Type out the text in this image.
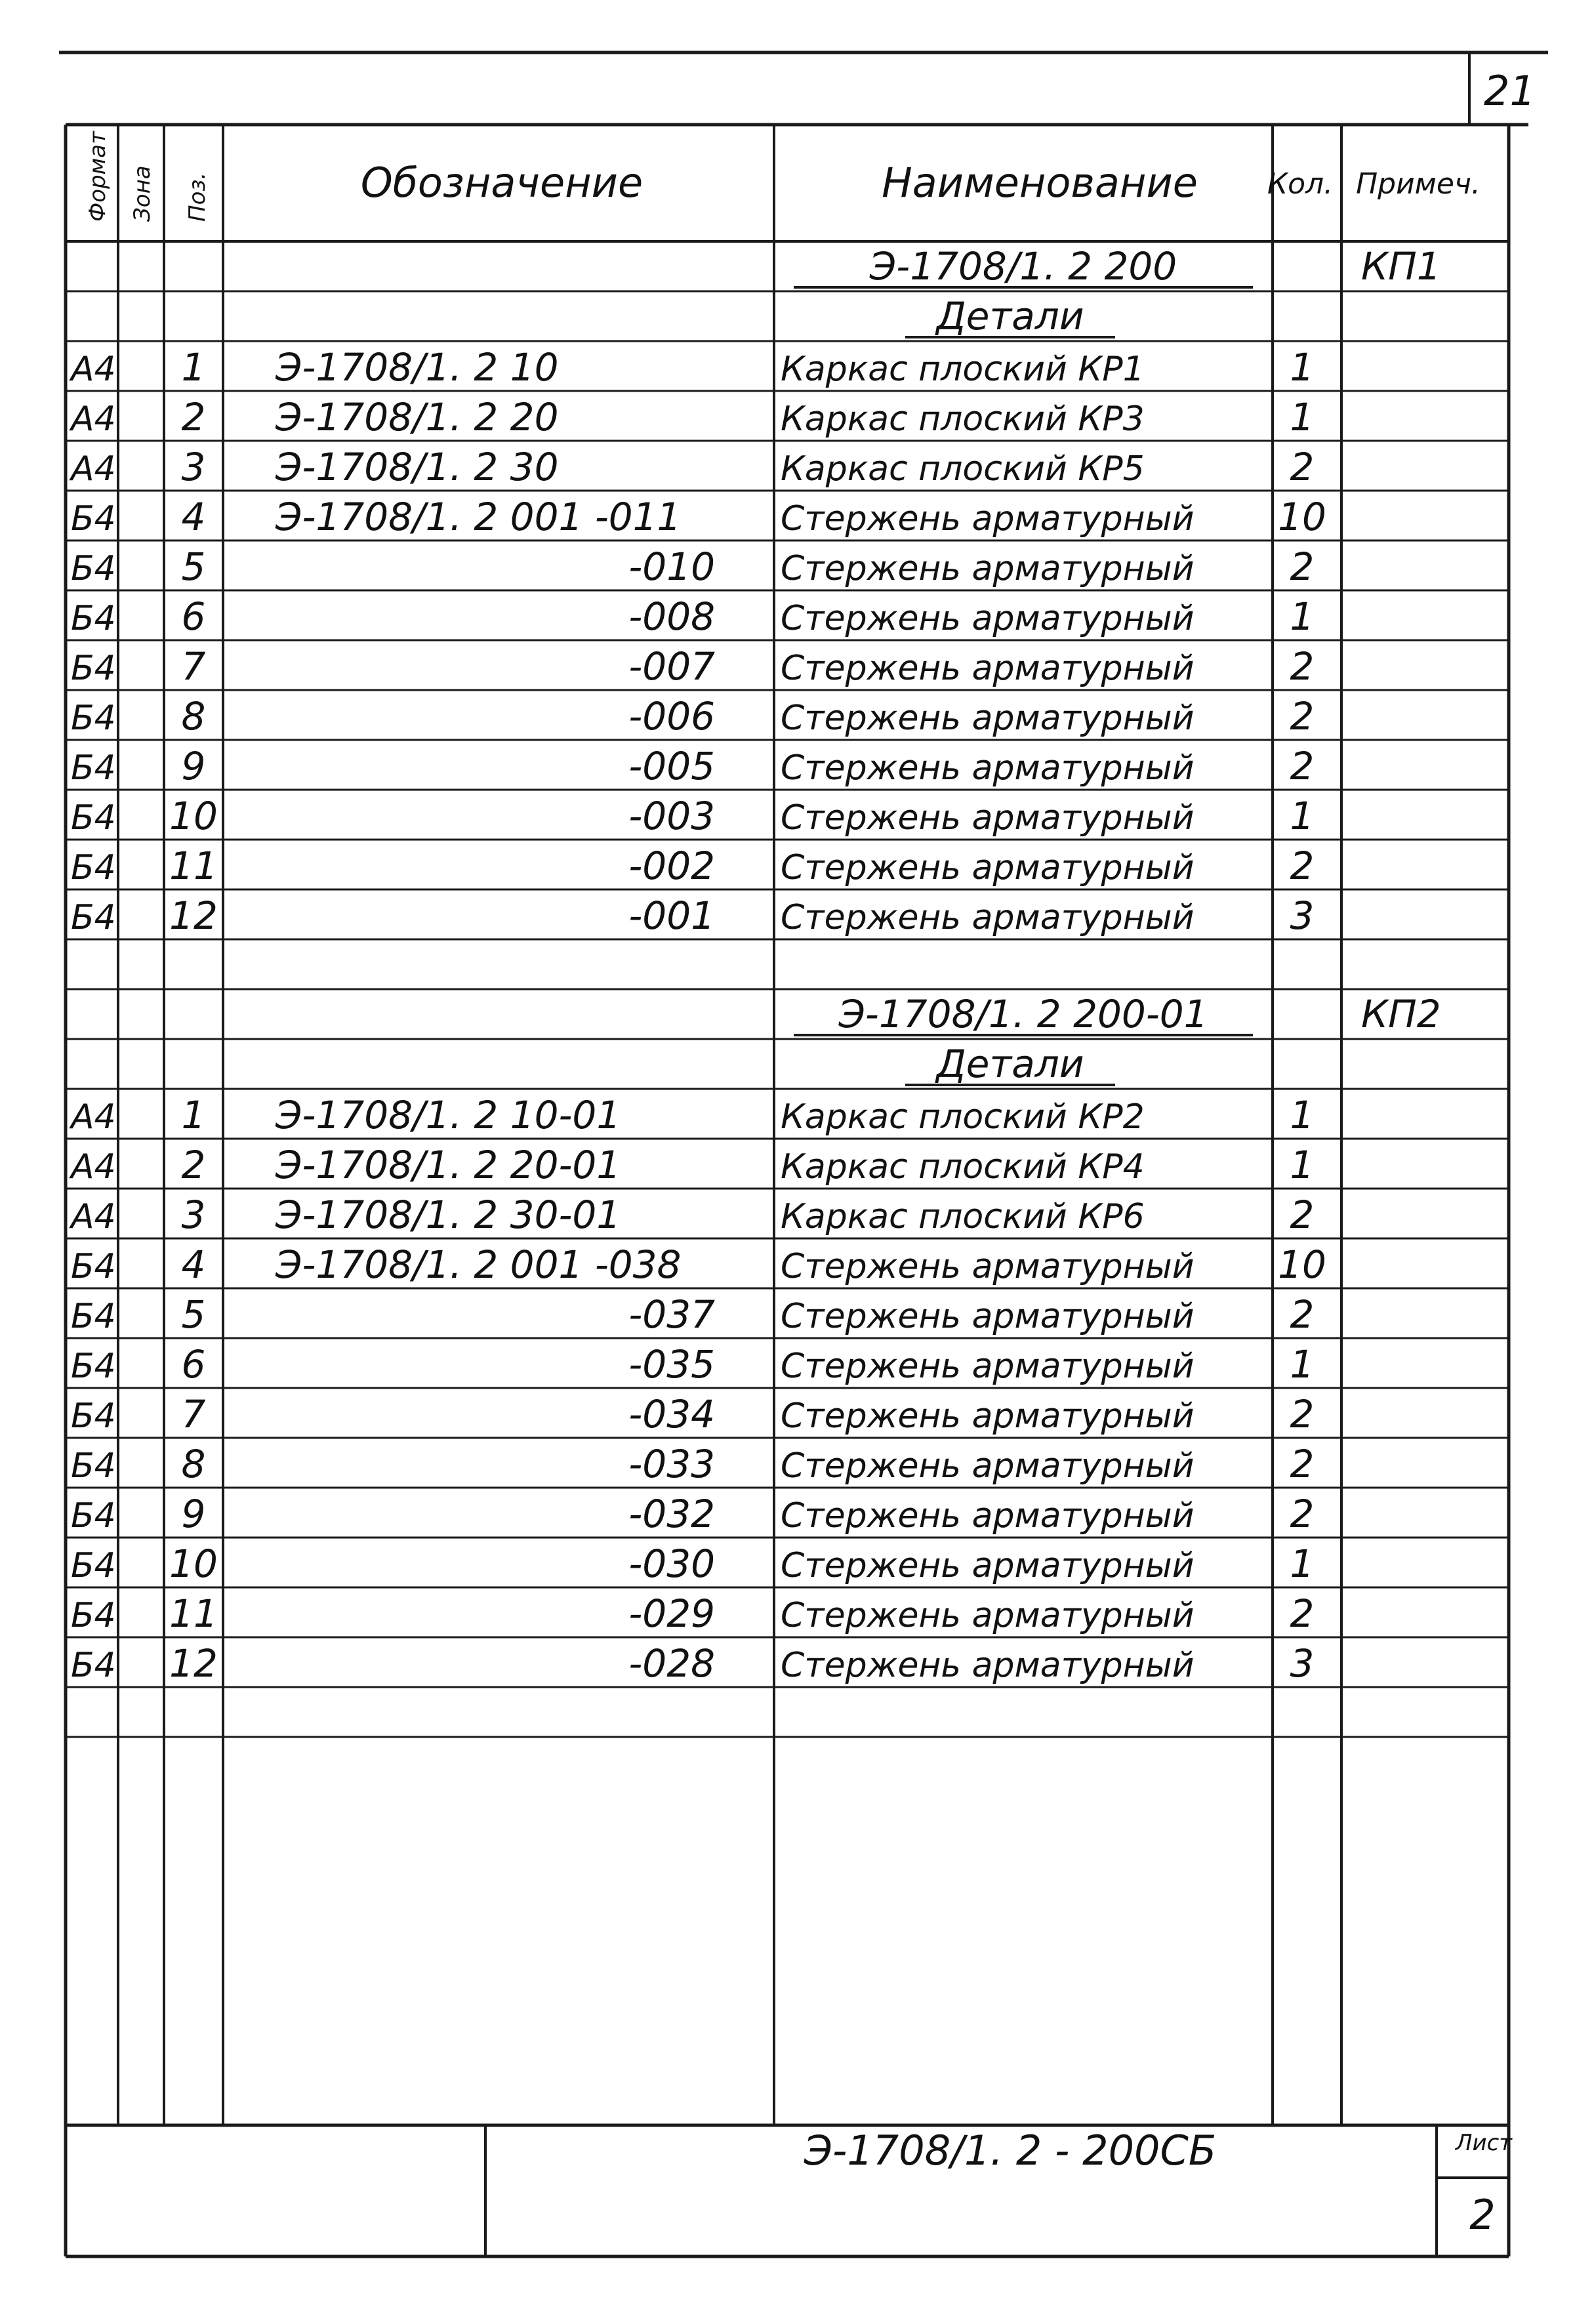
21
Формат Зона Поз.	Обозначение	Наименование Кол. Примеч.
Э-1708/1. 2 200	КП1
Детали
А4 1 Э-1708/1. 2 10	Каркас плоский КР1	1
А4 2 Э-1708/1. 2 20	Каркас плоский КР3	1
А4 3 Э-1708/1. 2 30	Каркас плоский КР5	2
Б4 4 Э-1708/1. 2 001 -011	Стержень арматурный 10
Б4 5	-010 Стержень арматурный	2
Б4 6	-008 Стержень арматурный	1
Б4 7	-007 Стержень арматурный	2
Б4 8	-006 Стержень арматурный	2
Б4 9	-005 Стержень арматурный	2
Б4 10	-003 Стержень арматурный	1
Б4 11	-002 Стержень арматурный	2
Б4 12	-001 Стержень арматурный	3
Э-1708/1. 2 200-01	КП2
Детали
А4 1 Э-1708/1. 2 10-01	Каркас плоский КР2	1
А4 2 Э-1708/1. 2 20-01	Каркас плоский КР4	1
А4 3 Э-1708/1. 2 30-01	Каркас плоский КР6	2
Б4 4 Э-1708/1. 2 001 -038	Стержень арматурный 10
Б4 5	-037 Стержень арматурный	2
Б4 6	-035 Стержень арматурный	1
Б4 7	-034 Стержень арматурный	2
Б4 8	-033 Стержень арматурный	2
Б4 9	-032 Стержень арматурный	2
Б4 10	-030 Стержень арматурный	1
Б4 11	-029 Стержень арматурный	2
Б4 12	-028 Стержень арматурный	3
Э-1708/1. 2 - 200СБ	Лист
2
